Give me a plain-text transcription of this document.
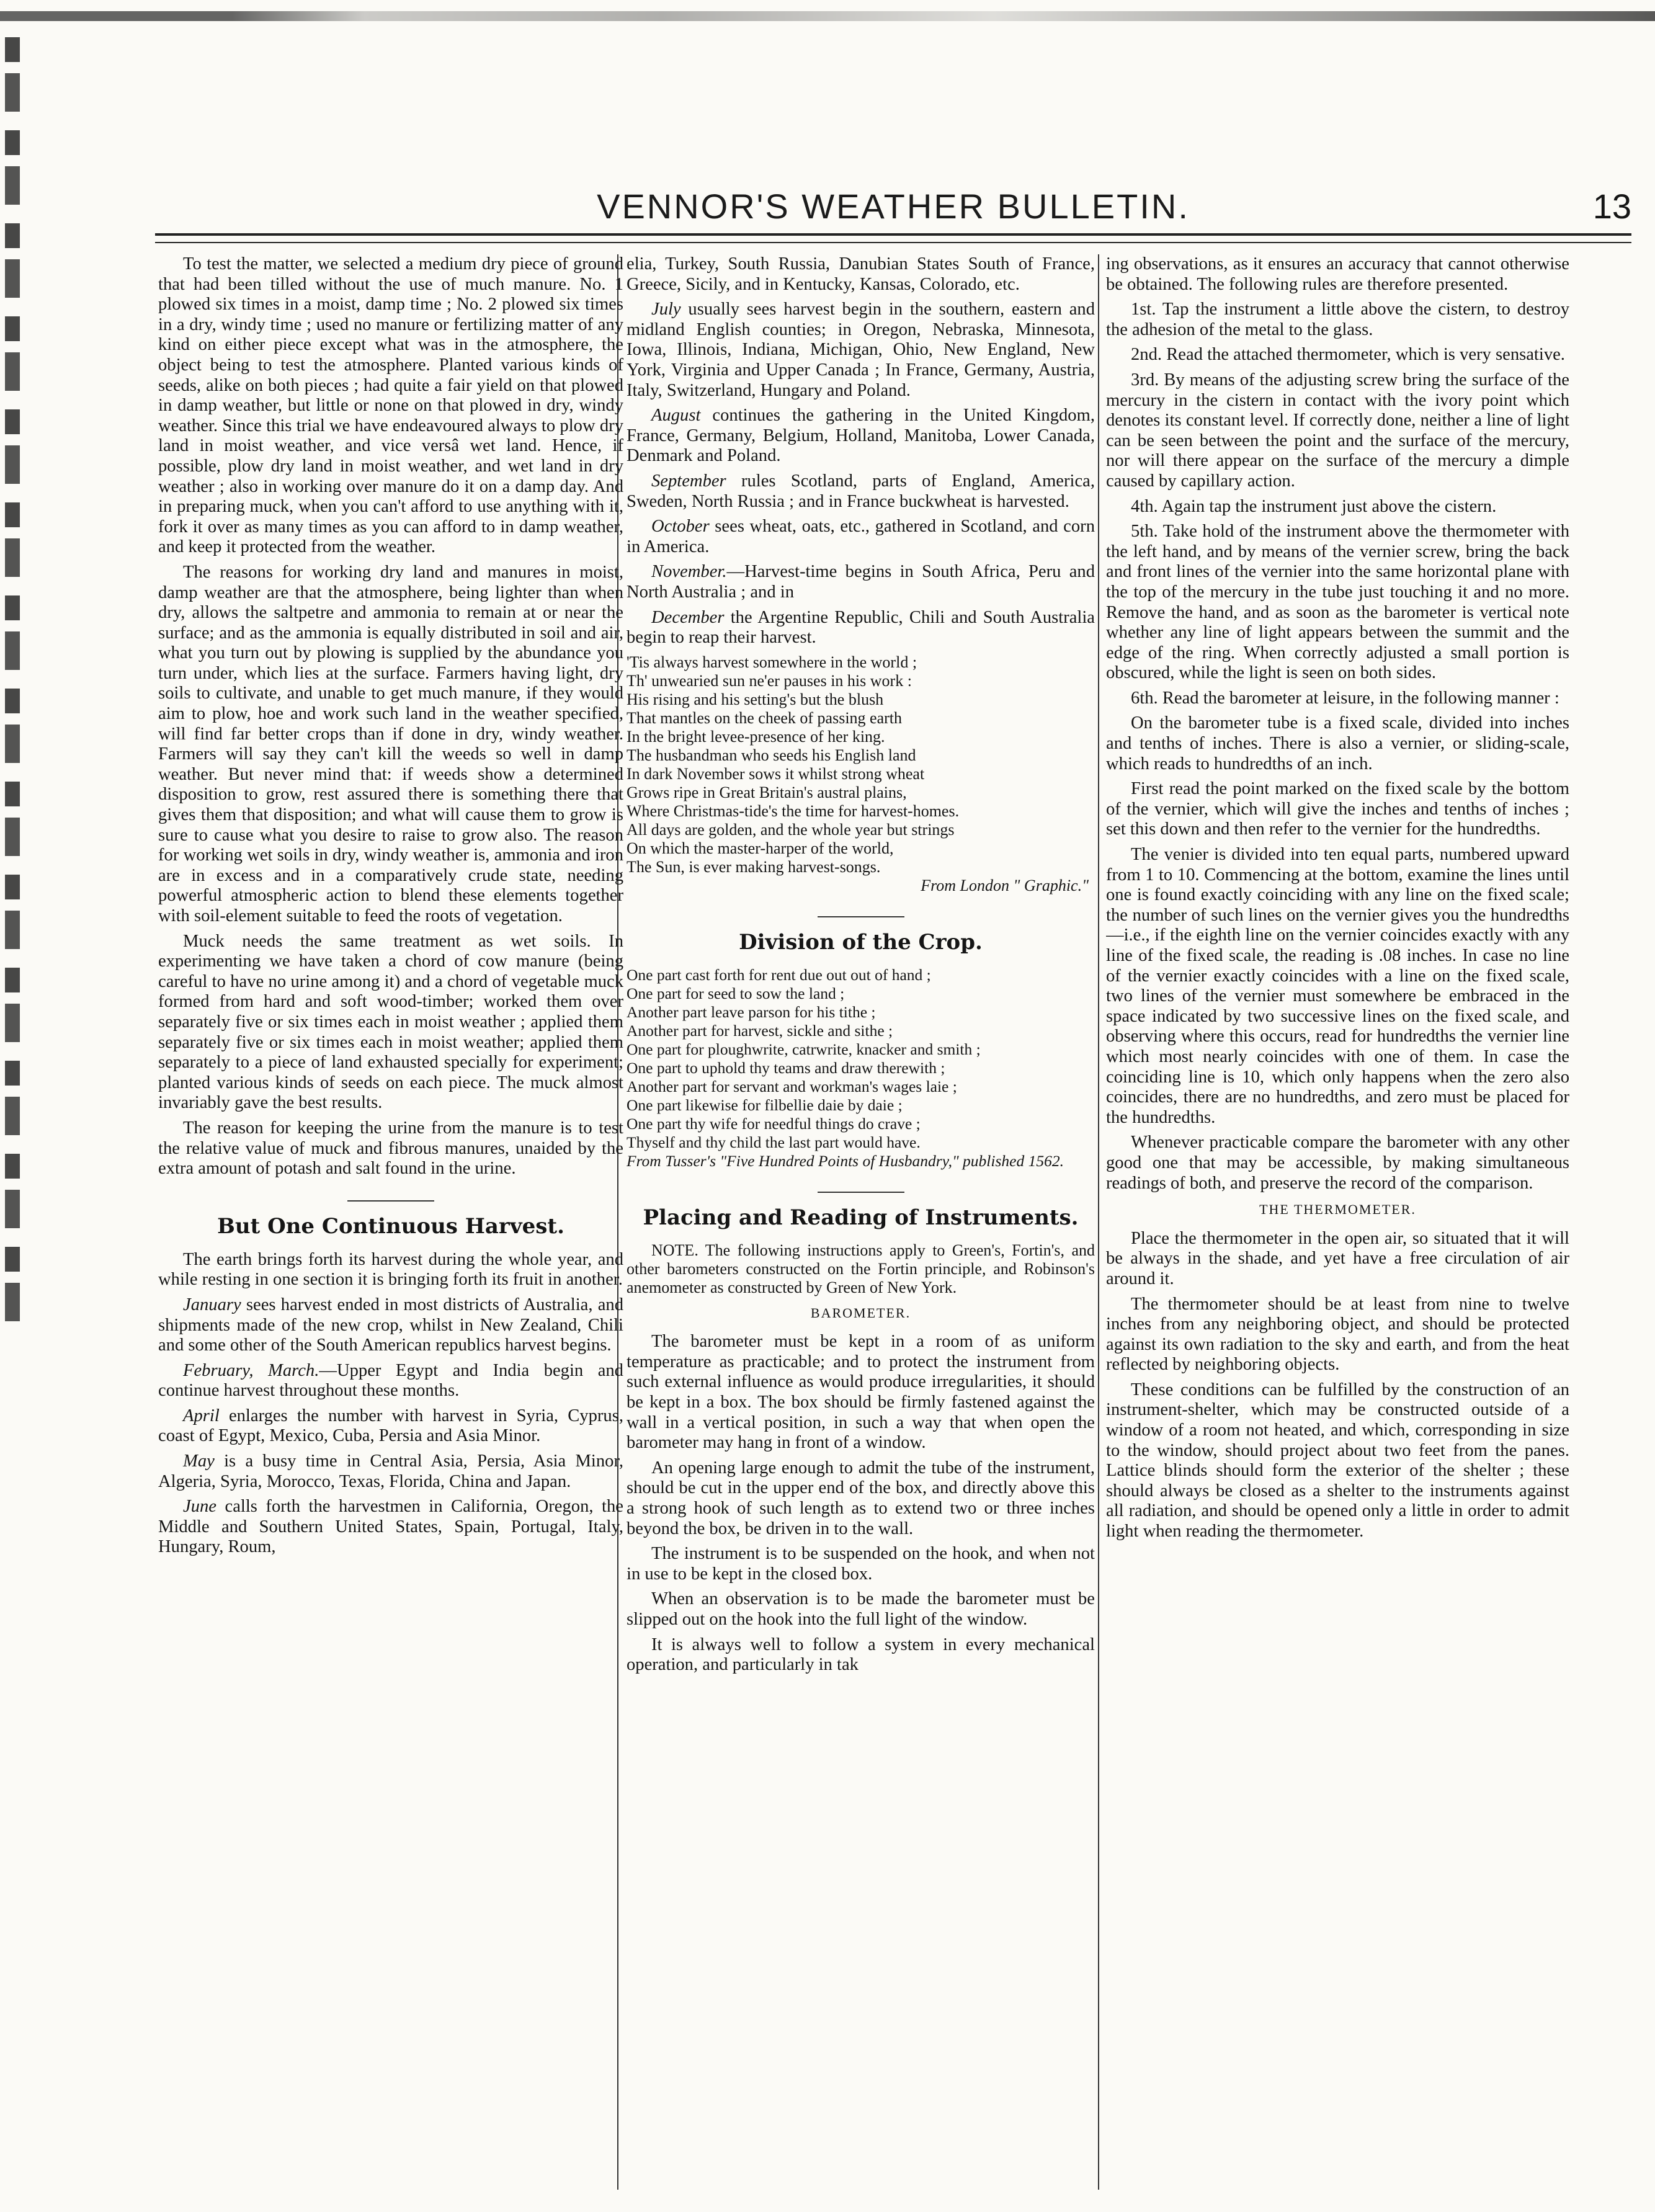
VENNOR'S WEATHER BULLETIN.	13

To test the matter, we selected a medium dry piece of ground that had been tilled without the use of much manure. No. 1 plowed six times in a moist, damp time ; No. 2 plowed six times in a dry, windy time ; used no manure or fertilizing matter of any kind on either piece except what was in the atmosphere, the object being to test the atmosphere. Planted various kinds of seeds, alike on both pieces ; had quite a fair yield on that plowed in damp weather, but little or none on that plowed in dry, windy weather. Since this trial we have endeavoured always to plow dry land in moist weather, and vice versâ wet land. Hence, if possible, plow dry land in moist weather, and wet land in dry weather ; also in working over manure do it on a damp day. And in preparing muck, when you can't afford to use anything with it, fork it over as many times as you can afford to in damp weather, and keep it protected from the weather.

The reasons for working dry land and manures in moist, damp weather are that the atmosphere, being lighter than when dry, allows the saltpetre and ammonia to remain at or near the surface; and as the ammonia is equally distributed in soil and air, what you turn out by plowing is supplied by the abundance you turn under, which lies at the surface. Farmers having light, dry soils to cultivate, and unable to get much manure, if they would aim to plow, hoe and work such land in the weather specified, will find far better crops than if done in dry, windy weather. Farmers will say they can't kill the weeds so well in damp weather. But never mind that: if weeds show a determined disposition to grow, rest assured there is something there that gives them that disposition; and what will cause them to grow is sure to cause what you desire to raise to grow also. The reason for working wet soils in dry, windy weather is, ammonia and iron are in excess and in a comparatively crude state, needing powerful atmospheric action to blend these elements together with soil-element suitable to feed the roots of vegetation.

Muck needs the same treatment as wet soils. In experimenting we have taken a chord of cow manure (being careful to have no urine among it) and a chord of vegetable muck formed from hard and soft wood-timber; worked them over separately five or six times each in moist weather ; applied them separately five or six times each in moist weather; applied them separately to a piece of land exhausted specially for experiment; planted various kinds of seeds on each piece. The muck almost invariably gave the best results.

The reason for keeping the urine from the manure is to test the relative value of muck and fibrous manures, unaided by the extra amount of potash and salt found in the urine.

But One Continuous Harvest.

The earth brings forth its harvest during the whole year, and while resting in one section it is bringing forth its fruit in another.

January sees harvest ended in most districts of Australia, and shipments made of the new crop, whilst in New Zealand, Chili and some other of the South American republics harvest begins.

February, March.—Upper Egypt and India begin and continue harvest throughout these months.

April enlarges the number with harvest in Syria, Cyprus, coast of Egypt, Mexico, Cuba, Persia and Asia Minor.

May is a busy time in Central Asia, Persia, Asia Minor, Algeria, Syria, Morocco, Texas, Florida, China and Japan.

June calls forth the harvestmen in California, Oregon, the Middle and Southern United States, Spain, Portugal, Italy, Hungary, Roum,

elia, Turkey, South Russia, Danubian States South of France, Greece, Sicily, and in Kentucky, Kansas, Colorado, etc.

July usually sees harvest begin in the southern, eastern and midland English counties; in Oregon, Nebraska, Minnesota, Iowa, Illinois, Indiana, Michigan, Ohio, New England, New York, Virginia and Upper Canada ; In France, Germany, Austria, Italy, Switzerland, Hungary and Poland.

August continues the gathering in the United Kingdom, France, Germany, Belgium, Holland, Manitoba, Lower Canada, Denmark and Poland.

September rules Scotland, parts of England, America, Sweden, North Russia ; and in France buckwheat is harvested.

October sees wheat, oats, etc., gathered in Scotland, and corn in America.

November.—Harvest-time begins in South Africa, Peru and North Australia ; and in

December the Argentine Republic, Chili and South Australia begin to reap their harvest.

'Tis always harvest somewhere in the world ;
Th' unwearied sun ne'er pauses in his work :
His rising and his setting's but the blush
That mantles on the cheek of passing earth
In the bright levee-presence of her king.
The husbandman who seeds his English land
In dark November sows it whilst strong wheat
Grows ripe in Great Britain's austral plains,
Where Christmas-tide's the time for harvest-homes.
All days are golden, and the whole year but strings
On which the master-harper of the world,
The Sun, is ever making harvest-songs.
From London " Graphic."
Division of the Crop.
One part cast forth for rent due out out of hand ;
One part for seed to sow the land ;
Another part leave parson for his tithe ;
Another part for harvest, sickle and sithe ;
One part for ploughwrite, catrwrite, knacker and smith ;
One part to uphold thy teams and draw therewith ;
Another part for servant and workman's wages laie ;
One part likewise for filbellie daie by daie ;
One part thy wife for needful things do crave ;
Thyself and thy child the last part would have.
From Tusser's "Five Hundred Points of Husbandry," published 1562.
Placing and Reading of Instruments.

NOTE. The following instructions apply to Green's, Fortin's, and other barometers constructed on the Fortin principle, and Robinson's anemometer as constructed by Green of New York.

BAROMETER.

The barometer must be kept in a room of as uniform temperature as practicable; and to protect the instrument from such external influence as would produce irregularities, it should be kept in a box. The box should be firmly fastened against the wall in a vertical position, in such a way that when open the barometer may hang in front of a window.

An opening large enough to admit the tube of the instrument, should be cut in the upper end of the box, and directly above this a strong hook of such length as to extend two or three inches beyond the box, be driven in to the wall.

The instrument is to be suspended on the hook, and when not in use to be kept in the closed box.

When an observation is to be made the barometer must be slipped out on the hook into the full light of the window.

It is always well to follow a system in every mechanical operation, and particularly in tak

ing observations, as it ensures an accuracy that cannot otherwise be obtained. The following rules are therefore presented.

1st. Tap the instrument a little above the cistern, to destroy the adhesion of the metal to the glass.

2nd. Read the attached thermometer, which is very sensative.

3rd. By means of the adjusting screw bring the surface of the mercury in the cistern in contact with the ivory point which denotes its constant level. If correctly done, neither a line of light can be seen between the point and the surface of the mercury, nor will there appear on the surface of the mercury a dimple caused by capillary action.

4th. Again tap the instrument just above the cistern.

5th. Take hold of the instrument above the thermometer with the left hand, and by means of the vernier screw, bring the back and front lines of the vernier into the same horizontal plane with the top of the mercury in the tube just touching it and no more. Remove the hand, and as soon as the barometer is vertical note whether any line of light appears between the summit and the edge of the ring. When correctly adjusted a small portion is obscured, while the light is seen on both sides.

6th. Read the barometer at leisure, in the following manner :

On the barometer tube is a fixed scale, divided into inches and tenths of inches. There is also a vernier, or sliding-scale, which reads to hundredths of an inch.

First read the point marked on the fixed scale by the bottom of the vernier, which will give the inches and tenths of inches ; set this down and then refer to the vernier for the hundredths.

The venier is divided into ten equal parts, numbered upward from 1 to 10. Commencing at the bottom, examine the lines until one is found exactly coinciding with any line on the fixed scale; the number of such lines on the vernier gives you the hundredths—i.e., if the eighth line on the vernier coincides exactly with any line of the fixed scale, the reading is .08 inches. In case no line of the vernier exactly coincides with a line on the fixed scale, two lines of the vernier must somewhere be embraced in the space indicated by two successive lines on the fixed scale, and observing where this occurs, read for hundredths the vernier line which most nearly coincides with one of them. In case the coinciding line is 10, which only happens when the zero also coincides, there are no hundredths, and zero must be placed for the hundredths.

Whenever practicable compare the barometer with any other good one that may be accessible, by making simultaneous readings of both, and preserve the record of the comparison.

THE THERMOMETER.

Place the thermometer in the open air, so situated that it will be always in the shade, and yet have a free circulation of air around it.

The thermometer should be at least from nine to twelve inches from any neighboring object, and should be protected against its own radiation to the sky and earth, and from the heat reflected by neighboring objects.

These conditions can be fulfilled by the construction of an instrument-shelter, which may be constructed outside of a window of a room not heated, and which, corresponding in size to the window, should project about two feet from the panes. Lattice blinds should form the exterior of the shelter ; these should always be closed as a shelter to the instruments against all radiation, and should be opened only a little in order to admit light when reading the thermometer.
